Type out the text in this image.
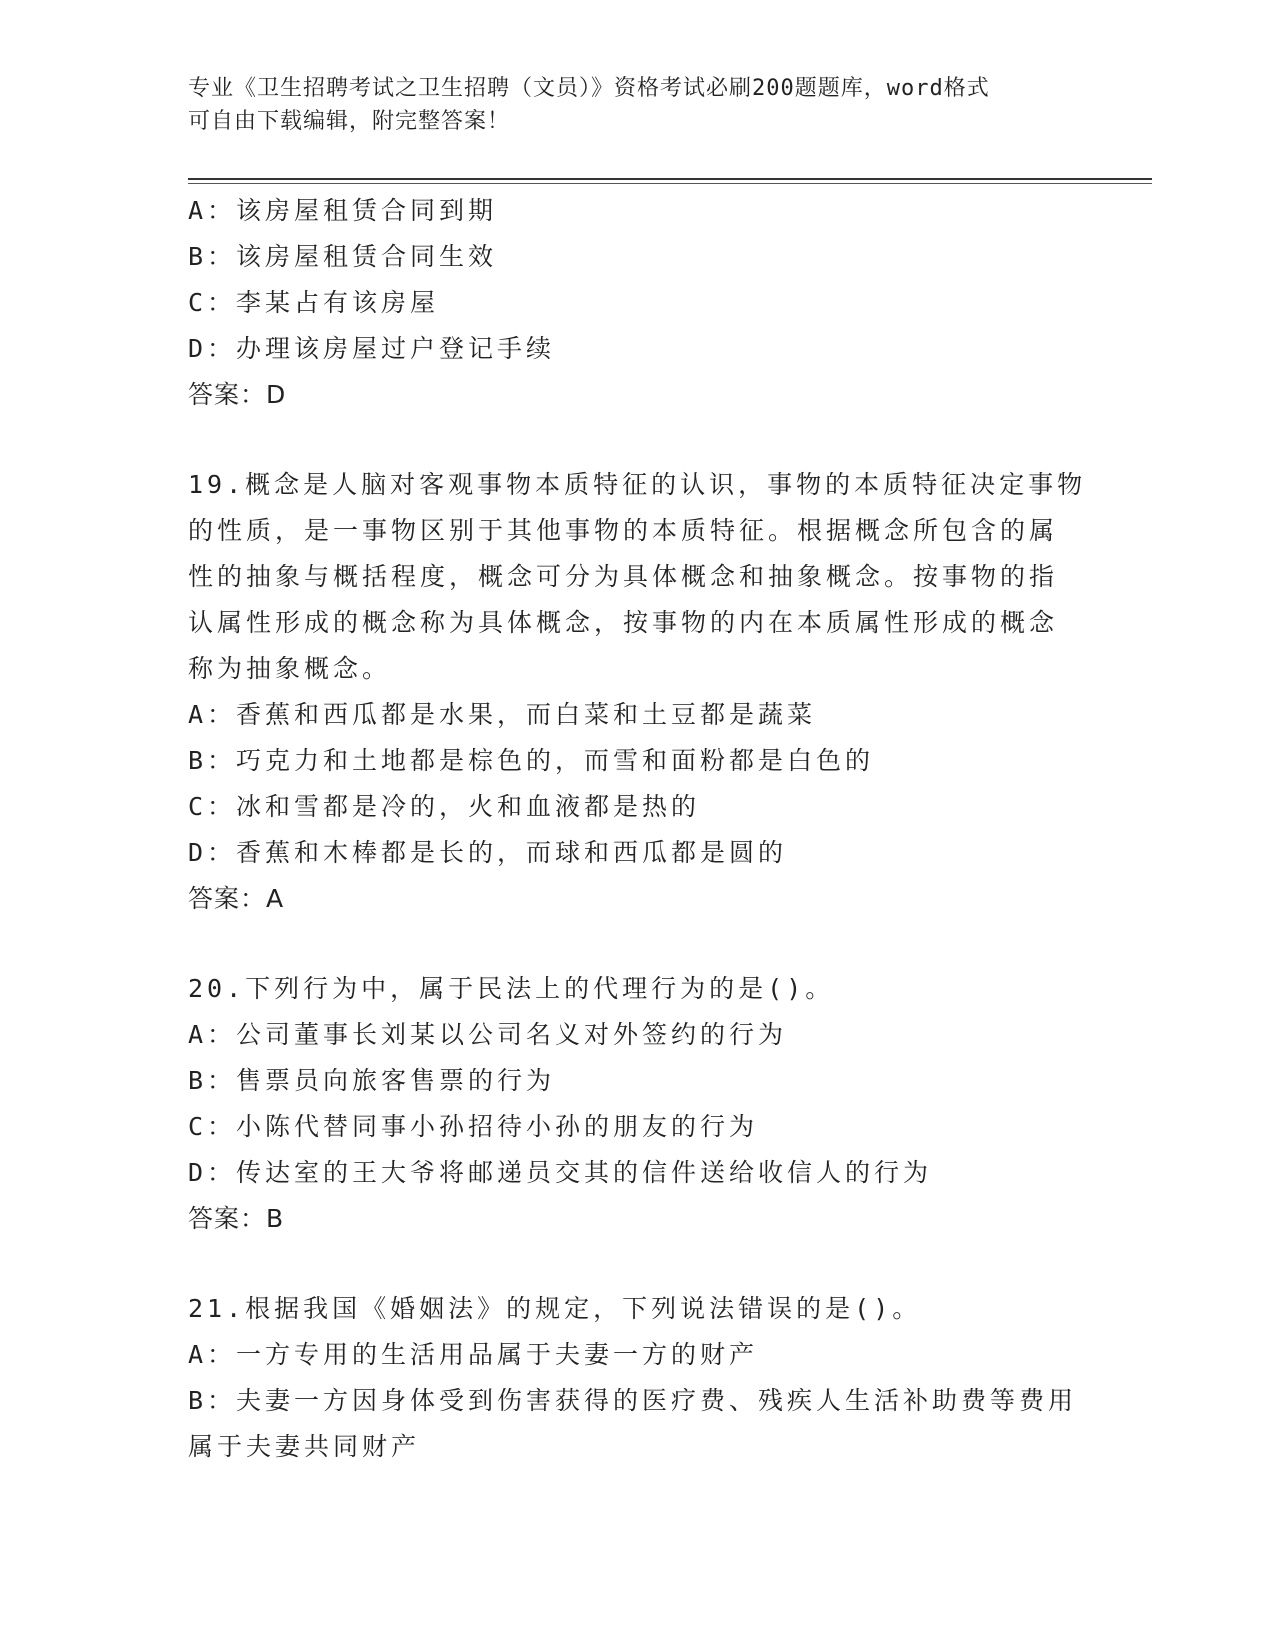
专业《卫生招聘考试之卫生招聘（文员）》资格考试必刷200题题库，word格式
可自由下载编辑，附完整答案！
A：该房屋租赁合同到期
B：该房屋租赁合同生效
C：李某占有该房屋
D：办理该房屋过户登记手续
答案：D
19.概念是人脑对客观事物本质特征的认识，事物的本质特征决定事物
的性质，是一事物区别于其他事物的本质特征。根据概念所包含的属
性的抽象与概括程度，概念可分为具体概念和抽象概念。按事物的指
认属性形成的概念称为具体概念，按事物的内在本质属性形成的概念
称为抽象概念。
A：香蕉和西瓜都是水果，而白菜和土豆都是蔬菜
B：巧克力和土地都是棕色的，而雪和面粉都是白色的
C：冰和雪都是冷的，火和血液都是热的
D：香蕉和木棒都是长的，而球和西瓜都是圆的
答案：A
20.下列行为中，属于民法上的代理行为的是()。
A：公司董事长刘某以公司名义对外签约的行为
B：售票员向旅客售票的行为
C：小陈代替同事小孙招待小孙的朋友的行为
D：传达室的王大爷将邮递员交其的信件送给收信人的行为
答案：B
21.根据我国《婚姻法》的规定，下列说法错误的是()。
A：一方专用的生活用品属于夫妻一方的财产
B：夫妻一方因身体受到伤害获得的医疗费、残疾人生活补助费等费用
属于夫妻共同财产
